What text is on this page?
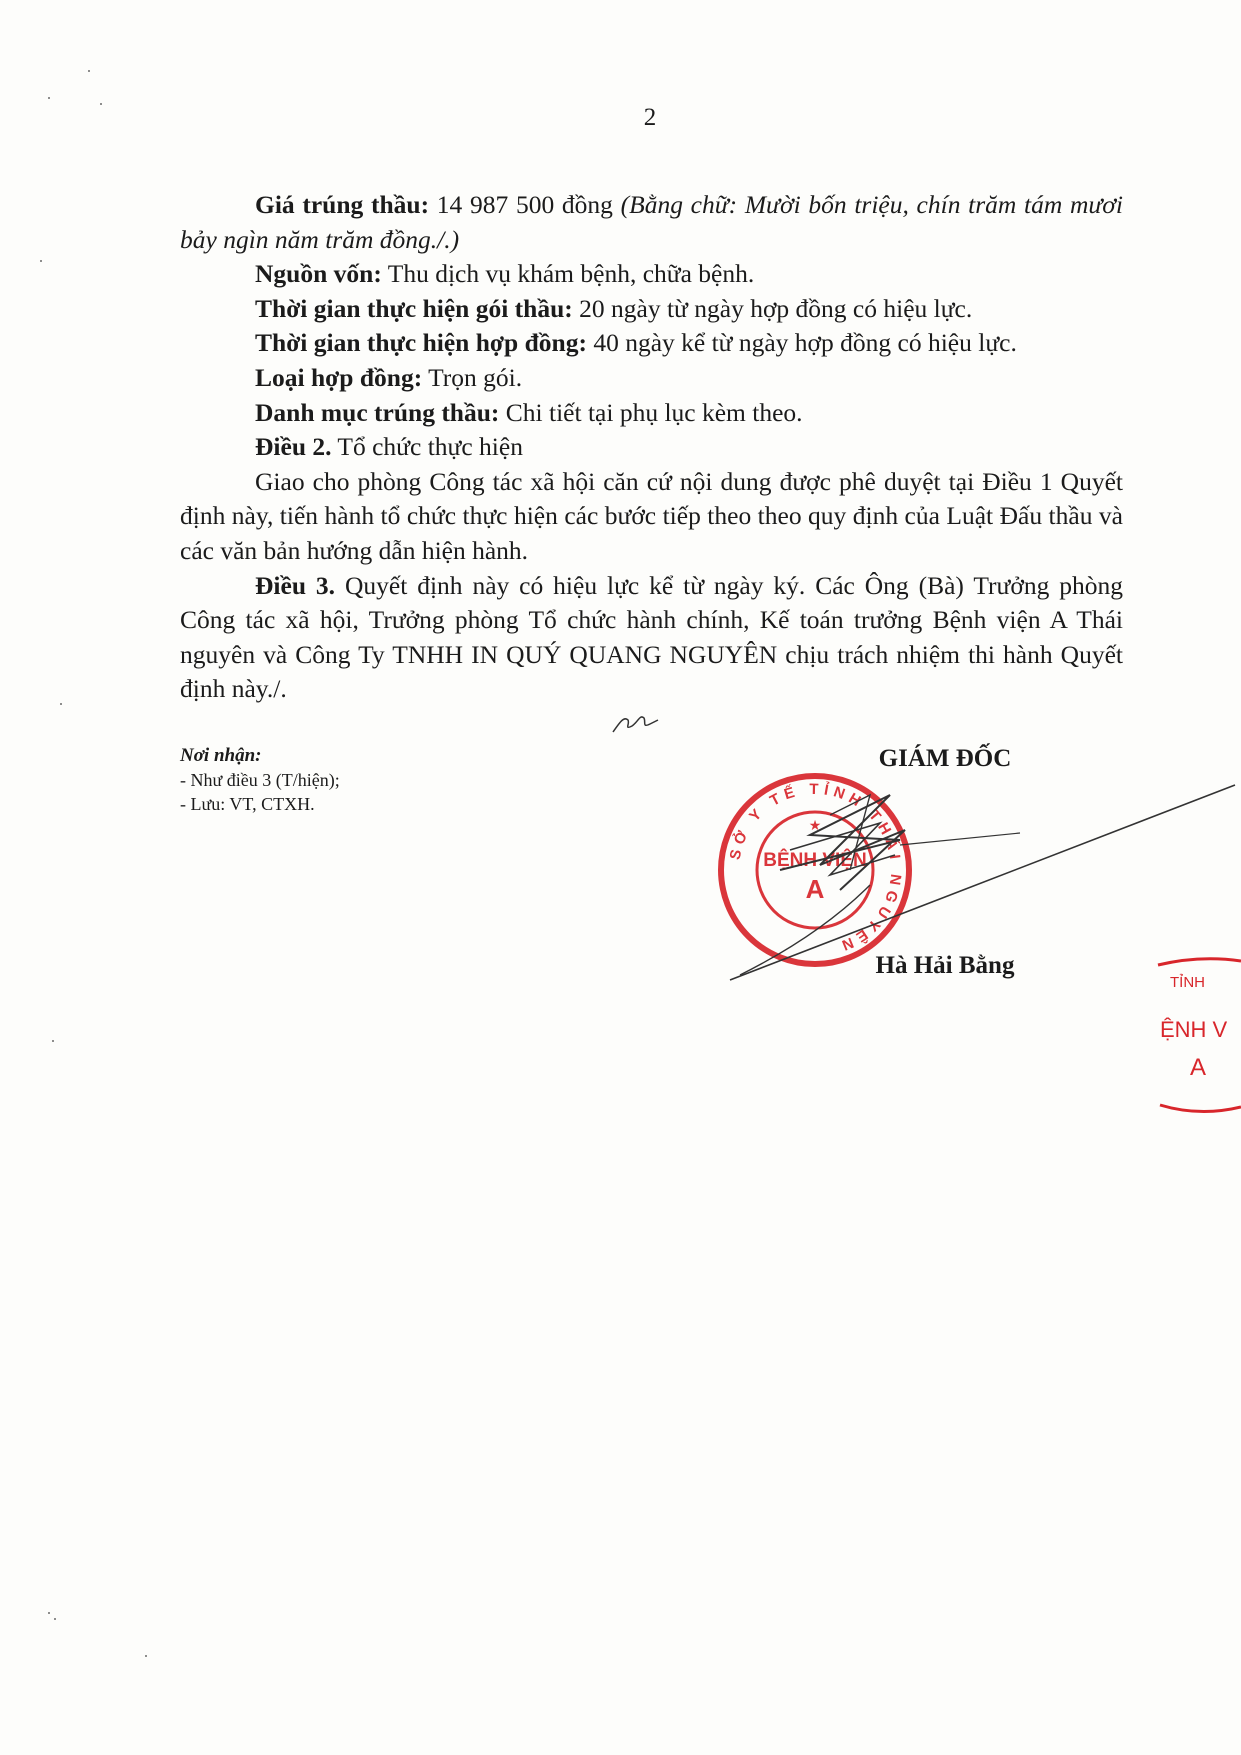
2

Giá trúng thầu: 14 987 500 đồng (Bằng chữ: Mười bốn triệu, chín trăm tám mươi bảy ngìn năm trăm đồng./.)

Nguồn vốn: Thu dịch vụ khám bệnh, chữa bệnh.

Thời gian thực hiện gói thầu: 20 ngày từ ngày hợp đồng có hiệu lực.

Thời gian thực hiện hợp đồng: 40 ngày kể từ ngày hợp đồng có hiệu lực.

Loại hợp đồng: Trọn gói.

Danh mục trúng thầu: Chi tiết tại phụ lục kèm theo.

Điều 2. Tổ chức thực hiện

Giao cho phòng Công tác xã hội căn cứ nội dung được phê duyệt tại Điều 1 Quyết định này, tiến hành tổ chức thực hiện các bước tiếp theo theo quy định của Luật Đấu thầu và các văn bản hướng dẫn hiện hành.

Điều 3. Quyết định này có hiệu lực kể từ ngày ký. Các Ông (Bà) Trưởng phòng Công tác xã hội, Trưởng phòng Tổ chức hành chính, Kế toán trưởng Bệnh viện A Thái nguyên và Công Ty TNHH IN QUÝ QUANG NGUYÊN chịu trách nhiệm thi hành Quyết định này./.

Nơi nhận:
- Như điều 3 (T/hiện);
- Lưu: VT, CTXH.
SỞ Y TẾ TỈNH THÁI NGUYÊN
BỆNH VIỆN
A
★
GIÁM ĐỐC
Hà Hải Bằng
TỈNH
ỆNH V
A
